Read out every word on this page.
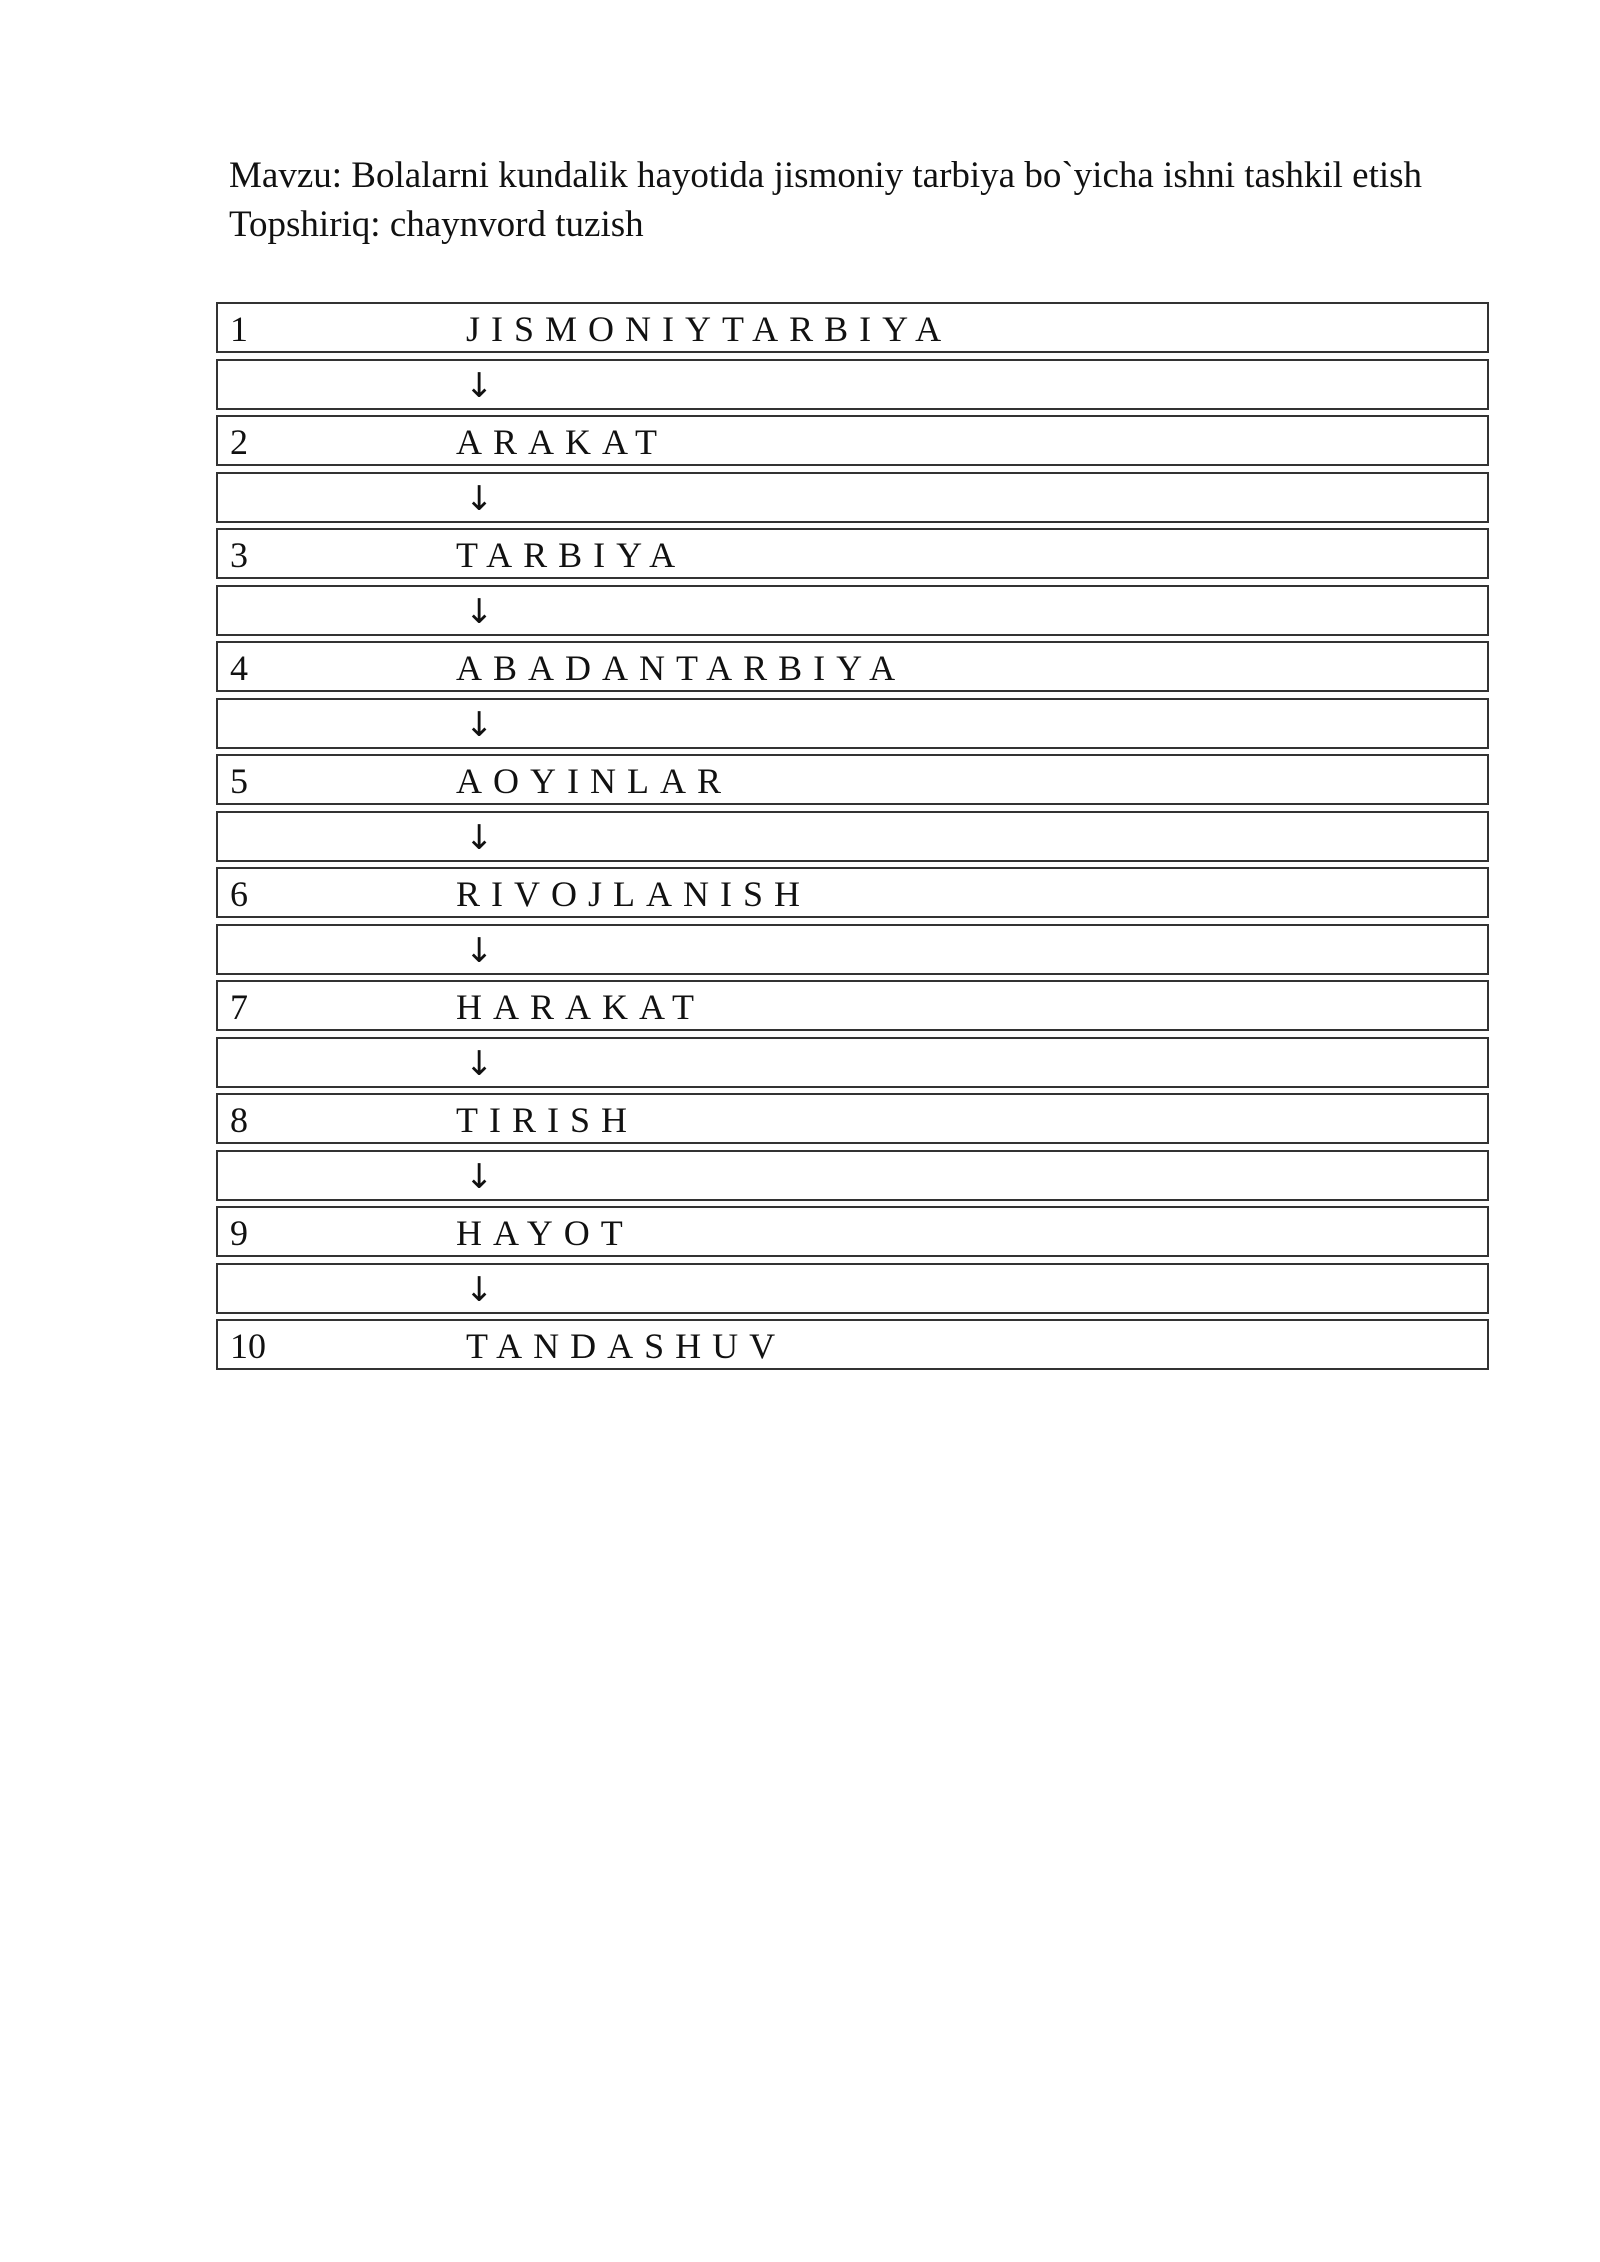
Mavzu: Bolalarni kundalik hayotida jismoniy tarbiya bo`yicha ishni tashkil etish
Topshiriq: chaynvord tuzish
1	JISMONIYTARBIYA
↓
2	ARAKAT
↓
3	TARBIYA
↓
4	ABADANTARBIYA
↓
5	AOYINLAR
↓
6	RIVOJLANISH
↓
7	HARAKAT
↓
8	TIRISH
↓
9	HAYOT
↓
10	TANDASHUV
